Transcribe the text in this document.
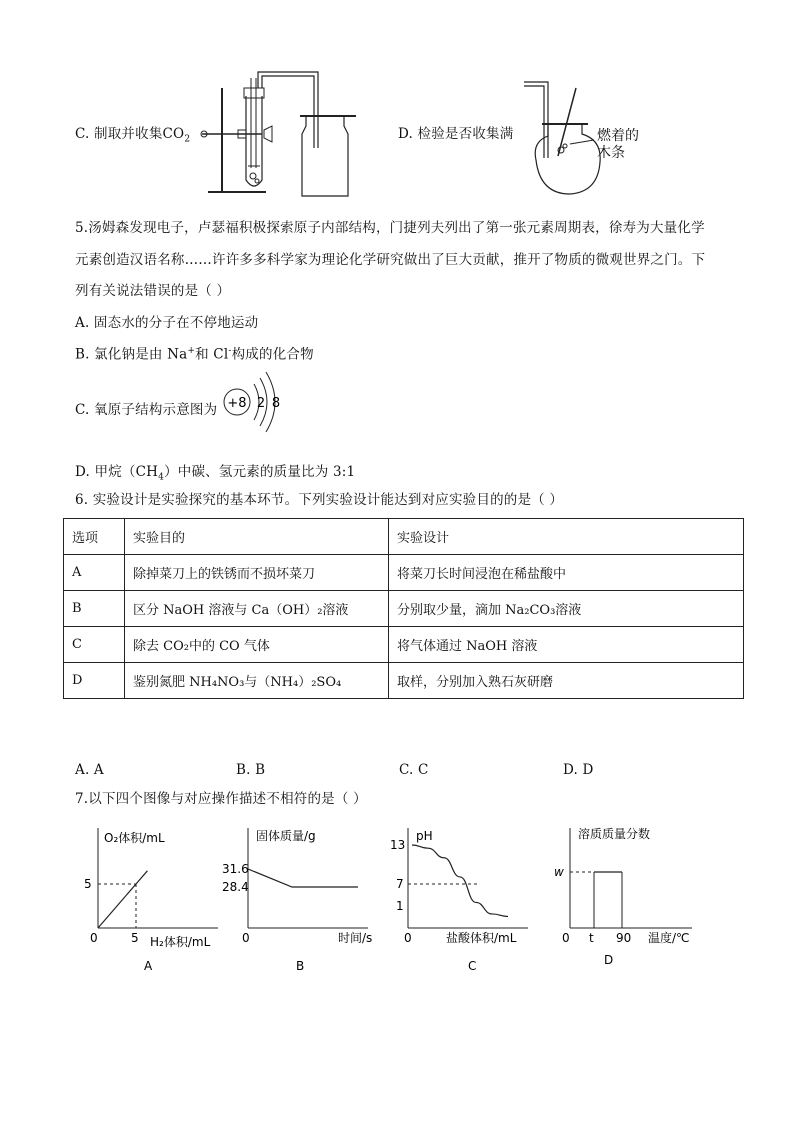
C. 制取并收集$CO_2$	D. 检验是否收集满	燃着的
木条
5.汤姆森发现电子，卢瑟福积极探索原子内部结构，门捷列夫列出了第一张元素周期表，徐寿为大量化学
元素创造汉语名称……许许多多科学家为理论化学研究做出了巨大贡献，推开了物质的微观世界之门。下
列有关说法错误的是（ ）
A. 固态水的分子在不停地运动
B. 氯化钠是由 Na+和 Cl-构成的化合物
C. 氧原子结构示意图为 +8 2 8
D. 甲烷$(CH_4)$中碳、氢元素的质量比为 3:1
6. 实验设计是实验探究的基本环节。下列实验设计能达到对应实验目的的是（ ）
选项	实验目的	实验设计
A	除掉菜刀上的铁锈而不损坏菜刀	将菜刀长时间浸泡在稀盐酸中
B	区分 NaOH 溶液与 Ca（OH）₂溶液	分别取少量，滴加 Na₂CO₃溶液
C	除去 CO₂中的 CO 气体	将气体通过 NaOH 溶液
D	鉴别氮肥 NH₄NO₃与（NH₄）₂SO₄	取样，分别加入熟石灰研磨
A. A	B. B	C. C	D. D
7.以下四个图像与对应操作描述不相符的是（ ）
O₂体积/mL
H₂体积/mL
0
5
5
A
固体质量/g
时间/s
0
31.6
28.4
B
pH
盐酸体积/mL
0
13
7
1
C
溶质质量分数
温度/℃
0
w
t 90
D
